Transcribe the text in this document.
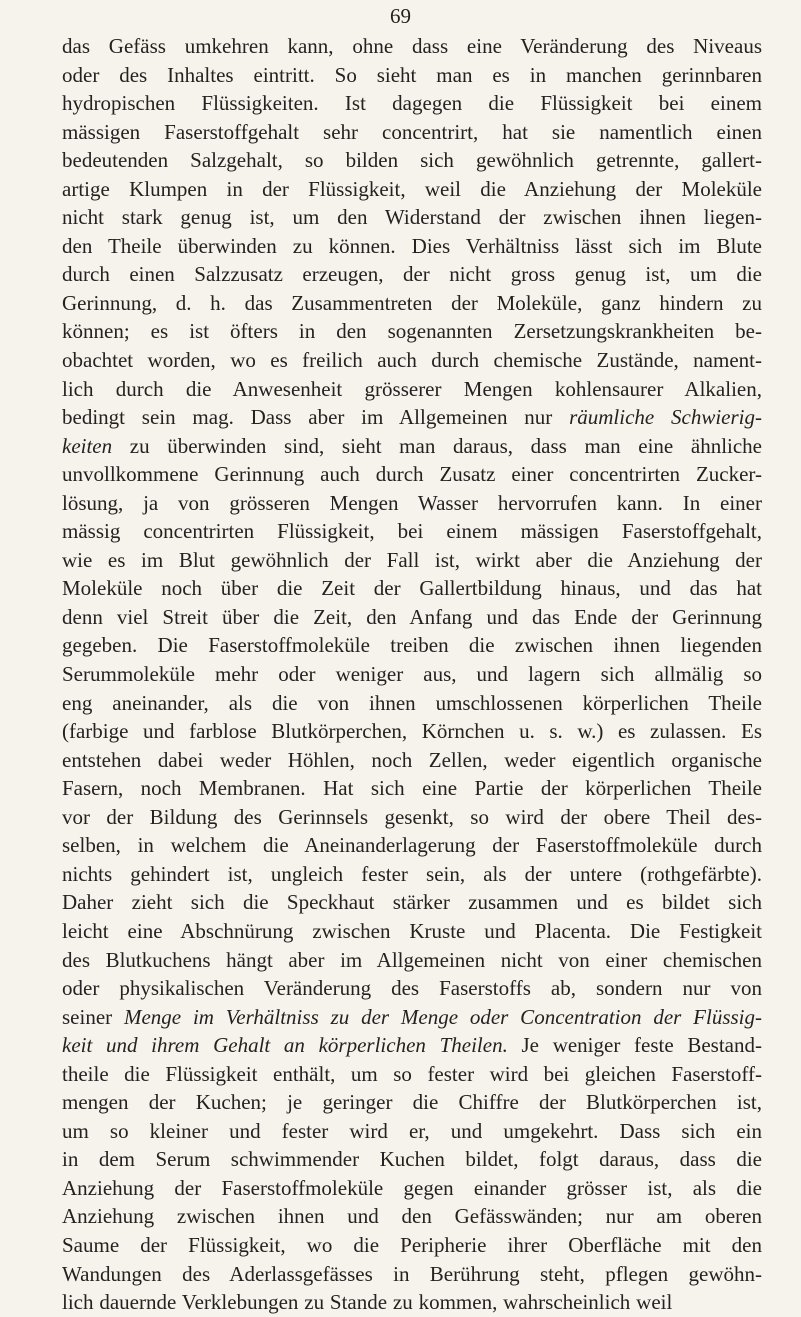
69
das Gefäss umkehren kann, ohne dass eine Veränderung des Niveaus
oder des Inhaltes eintritt. So sieht man es in manchen gerinnbaren
hydropischen Flüssigkeiten. Ist dagegen die Flüssigkeit bei einem
mässigen Faserstoffgehalt sehr concentrirt, hat sie namentlich einen
bedeutenden Salzgehalt, so bilden sich gewöhnlich getrennte, gallert-
artige Klumpen in der Flüssigkeit, weil die Anziehung der Moleküle
nicht stark genug ist, um den Widerstand der zwischen ihnen liegen-
den Theile überwinden zu können. Dies Verhältniss lässt sich im Blute
durch einen Salzzusatz erzeugen, der nicht gross genug ist, um die
Gerinnung, d. h. das Zusammentreten der Moleküle, ganz hindern zu
können; es ist öfters in den sogenannten Zersetzungskrankheiten be-
obachtet worden, wo es freilich auch durch chemische Zustände, nament-
lich durch die Anwesenheit grösserer Mengen kohlensaurer Alkalien,
bedingt sein mag. Dass aber im Allgemeinen nur räumliche Schwierig-
keiten zu überwinden sind, sieht man daraus, dass man eine ähnliche
unvollkommene Gerinnung auch durch Zusatz einer concentrirten Zucker-
lösung, ja von grösseren Mengen Wasser hervorrufen kann. In einer
mässig concentrirten Flüssigkeit, bei einem mässigen Faserstoffgehalt,
wie es im Blut gewöhnlich der Fall ist, wirkt aber die Anziehung der
Moleküle noch über die Zeit der Gallertbildung hinaus, und das hat
denn viel Streit über die Zeit, den Anfang und das Ende der Gerinnung
gegeben. Die Faserstoffmoleküle treiben die zwischen ihnen liegenden
Serummoleküle mehr oder weniger aus, und lagern sich allmälig so
eng aneinander, als die von ihnen umschlossenen körperlichen Theile
(farbige und farblose Blutkörperchen, Körnchen u. s. w.) es zulassen. Es
entstehen dabei weder Höhlen, noch Zellen, weder eigentlich organische
Fasern, noch Membranen. Hat sich eine Partie der körperlichen Theile
vor der Bildung des Gerinnsels gesenkt, so wird der obere Theil des-
selben, in welchem die Aneinanderlagerung der Faserstoffmoleküle durch
nichts gehindert ist, ungleich fester sein, als der untere (rothgefärbte).
Daher zieht sich die Speckhaut stärker zusammen und es bildet sich
leicht eine Abschnürung zwischen Kruste und Placenta. Die Festigkeit
des Blutkuchens hängt aber im Allgemeinen nicht von einer chemischen
oder physikalischen Veränderung des Faserstoffs ab, sondern nur von
seiner Menge im Verhältniss zu der Menge oder Concentration der Flüssig-
keit und ihrem Gehalt an körperlichen Theilen. Je weniger feste Bestand-
theile die Flüssigkeit enthält, um so fester wird bei gleichen Faserstoff-
mengen der Kuchen; je geringer die Chiffre der Blutkörperchen ist,
um so kleiner und fester wird er, und umgekehrt. Dass sich ein
in dem Serum schwimmender Kuchen bildet, folgt daraus, dass die
Anziehung der Faserstoffmoleküle gegen einander grösser ist, als die
Anziehung zwischen ihnen und den Gefässwänden; nur am oberen
Saume der Flüssigkeit, wo die Peripherie ihrer Oberfläche mit den
Wandungen des Aderlassgefässes in Berührung steht, pflegen gewöhn-
lich dauernde Verklebungen zu Stande zu kommen, wahrscheinlich weil
